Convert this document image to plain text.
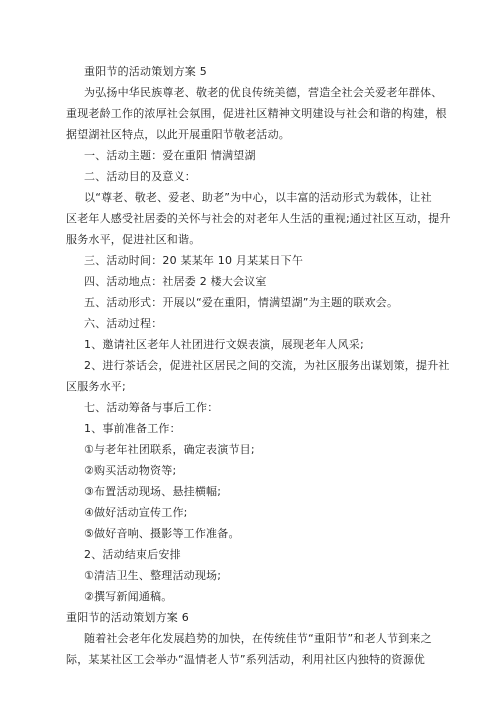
重阳节的活动策划方案 5
为弘扬中华民族尊老、敬老的优良传统美德，营造全社会关爱老年群体、
重现老龄工作的浓厚社会氛围，促进社区精神文明建设与社会和谐的构建，根
据望湖社区特点，以此开展重阳节敬老活动。
一、活动主题：爱在重阳 情满望湖
二、活动目的及意义：
以“尊老、敬老、爱老、助老”为中心，以丰富的活动形式为载体，让社
区老年人感受社居委的关怀与社会的对老年人生活的重视;通过社区互动，提升
服务水平，促进社区和谐。
三、活动时间：20 某某年 10 月某某日下午
四、活动地点：社居委 2 楼大会议室
五、活动形式：开展以“爱在重阳，情满望湖”为主题的联欢会。
六、活动过程：
1、邀请社区老年人社团进行文娱表演，展现老年人风采;
2、进行茶话会，促进社区居民之间的交流，为社区服务出谋划策，提升社
区服务水平;
七、活动筹备与事后工作：
1、事前准备工作：
①与老年社团联系，确定表演节目;
②购买活动物资等;
③布置活动现场、悬挂横幅;
④做好活动宣传工作;
⑤做好音响、摄影等工作准备。
2、活动结束后安排
①清洁卫生、整理活动现场;
②撰写新闻通稿。
重阳节的活动策划方案 6
随着社会老年化发展趋势的加快，在传统佳节“重阳节”和老人节到来之
际，某某社区工会举办“温情老人节”系列活动，利用社区内独特的资源优
